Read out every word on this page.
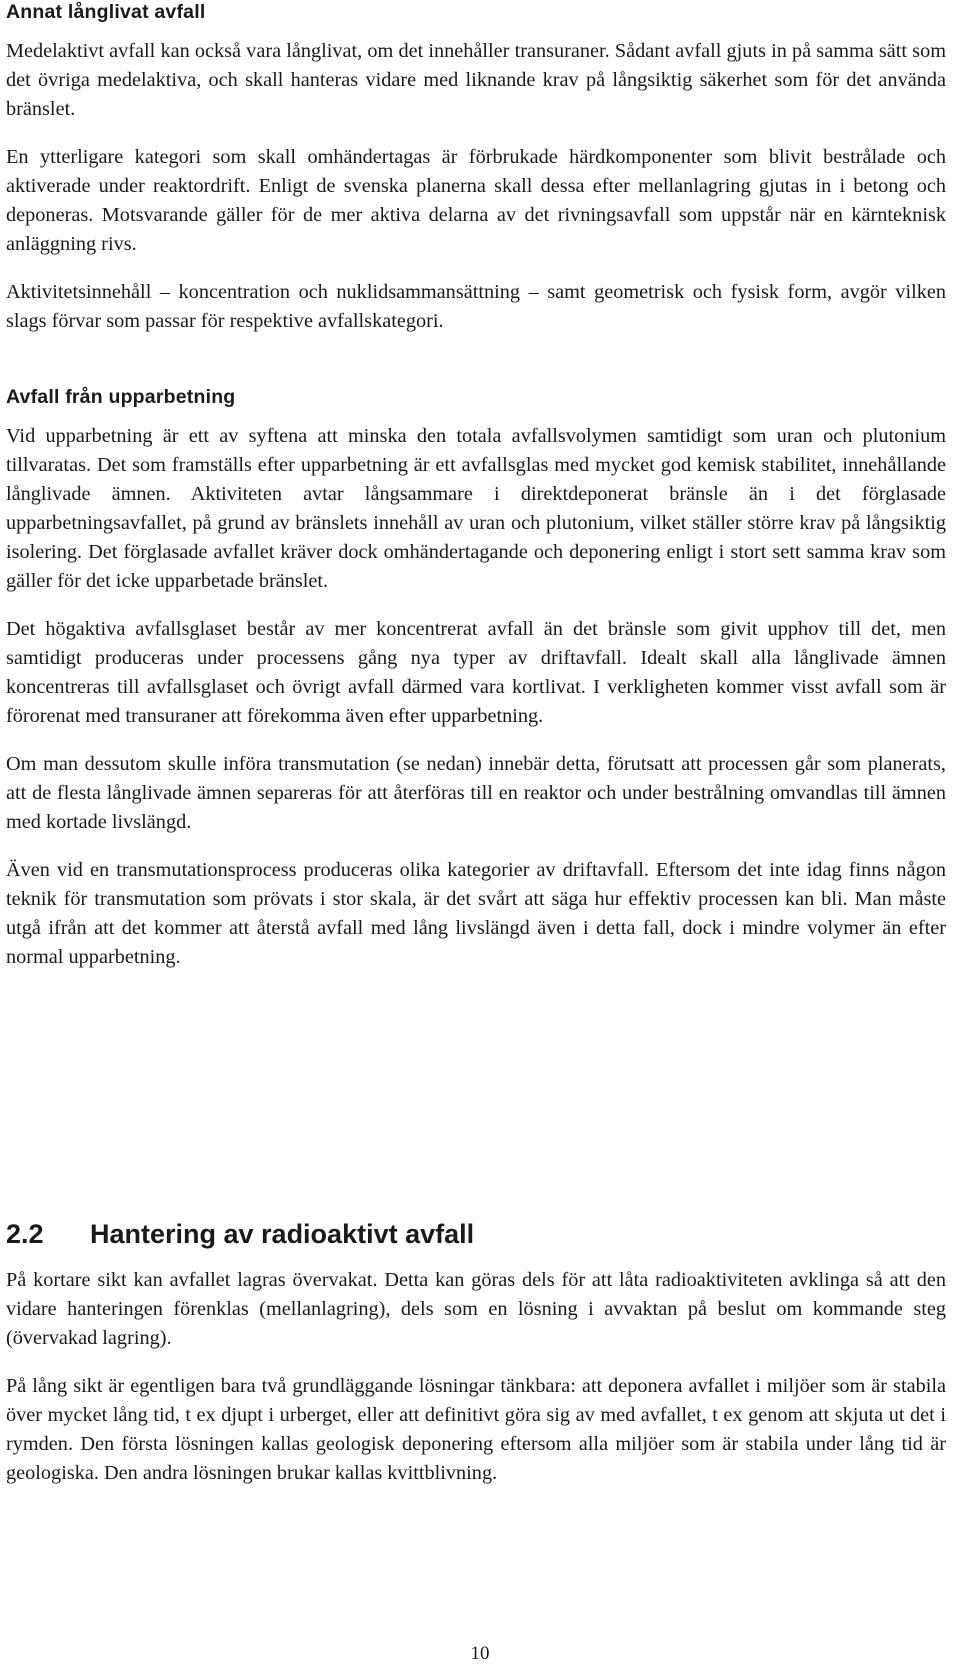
Annat långlivat avfall

Medelaktivt avfall kan också vara långlivat, om det innehåller transuraner. Sådant avfall gjuts in på samma sätt som det övriga medelaktiva, och skall hanteras vidare med liknande krav på långsiktig säkerhet som för det använda bränslet.

En ytterligare kategori som skall omhändertagas är förbrukade härdkomponenter som blivit bestrålade och aktiverade under reaktordrift. Enligt de svenska planerna skall dessa efter mellanlagring gjutas in i betong och deponeras. Motsvarande gäller för de mer aktiva delarna av det rivningsavfall som uppstår när en kärnteknisk anläggning rivs.

Aktivitetsinnehåll – koncentration och nuklidsammansättning – samt geometrisk och fysisk form, avgör vilken slags förvar som passar för respektive avfallskategori.

Avfall från upparbetning

Vid upparbetning är ett av syftena att minska den totala avfallsvolymen samtidigt som uran och plutonium tillvaratas. Det som framställs efter upparbetning är ett avfallsglas med mycket god kemisk stabilitet, innehållande långlivade ämnen. Aktiviteten avtar långsammare i direktdeponerat bränsle än i det förglasade upparbetningsavfallet, på grund av bränslets innehåll av uran och plutonium, vilket ställer större krav på långsiktig isolering. Det förglasade avfallet kräver dock omhändertagande och deponering enligt i stort sett samma krav som gäller för det icke upparbetade bränslet.

Det högaktiva avfallsglaset består av mer koncentrerat avfall än det bränsle som givit upphov till det, men samtidigt produceras under processens gång nya typer av driftavfall. Idealt skall alla långlivade ämnen koncentreras till avfallsglaset och övrigt avfall därmed vara kortlivat. I verkligheten kommer visst avfall som är förorenat med transuraner att förekomma även efter upparbetning.

Om man dessutom skulle införa transmutation (se nedan) innebär detta, förutsatt att processen går som planerats, att de flesta långlivade ämnen separeras för att återföras till en reaktor och under bestrålning omvandlas till ämnen med kortade livslängd.

Även vid en transmutationsprocess produceras olika kategorier av driftavfall. Eftersom det inte idag finns någon teknik för transmutation som prövats i stor skala, är det svårt att säga hur effektiv processen kan bli. Man måste utgå ifrån att det kommer att återstå avfall med lång livslängd även i detta fall, dock i mindre volymer än efter normal upparbetning.

2.2 Hantering av radioaktivt avfall

På kortare sikt kan avfallet lagras övervakat. Detta kan göras dels för att låta radioaktiviteten avklinga så att den vidare hanteringen förenklas (mellanlagring), dels som en lösning i avvaktan på beslut om kommande steg (övervakad lagring).

På lång sikt är egentligen bara två grundläggande lösningar tänkbara: att deponera avfallet i miljöer som är stabila över mycket lång tid, t ex djupt i urberget, eller att definitivt göra sig av med avfallet, t ex genom att skjuta ut det i rymden. Den första lösningen kallas geologisk deponering eftersom alla miljöer som är stabila under lång tid är geologiska. Den andra lösningen brukar kallas kvittblivning.

10
